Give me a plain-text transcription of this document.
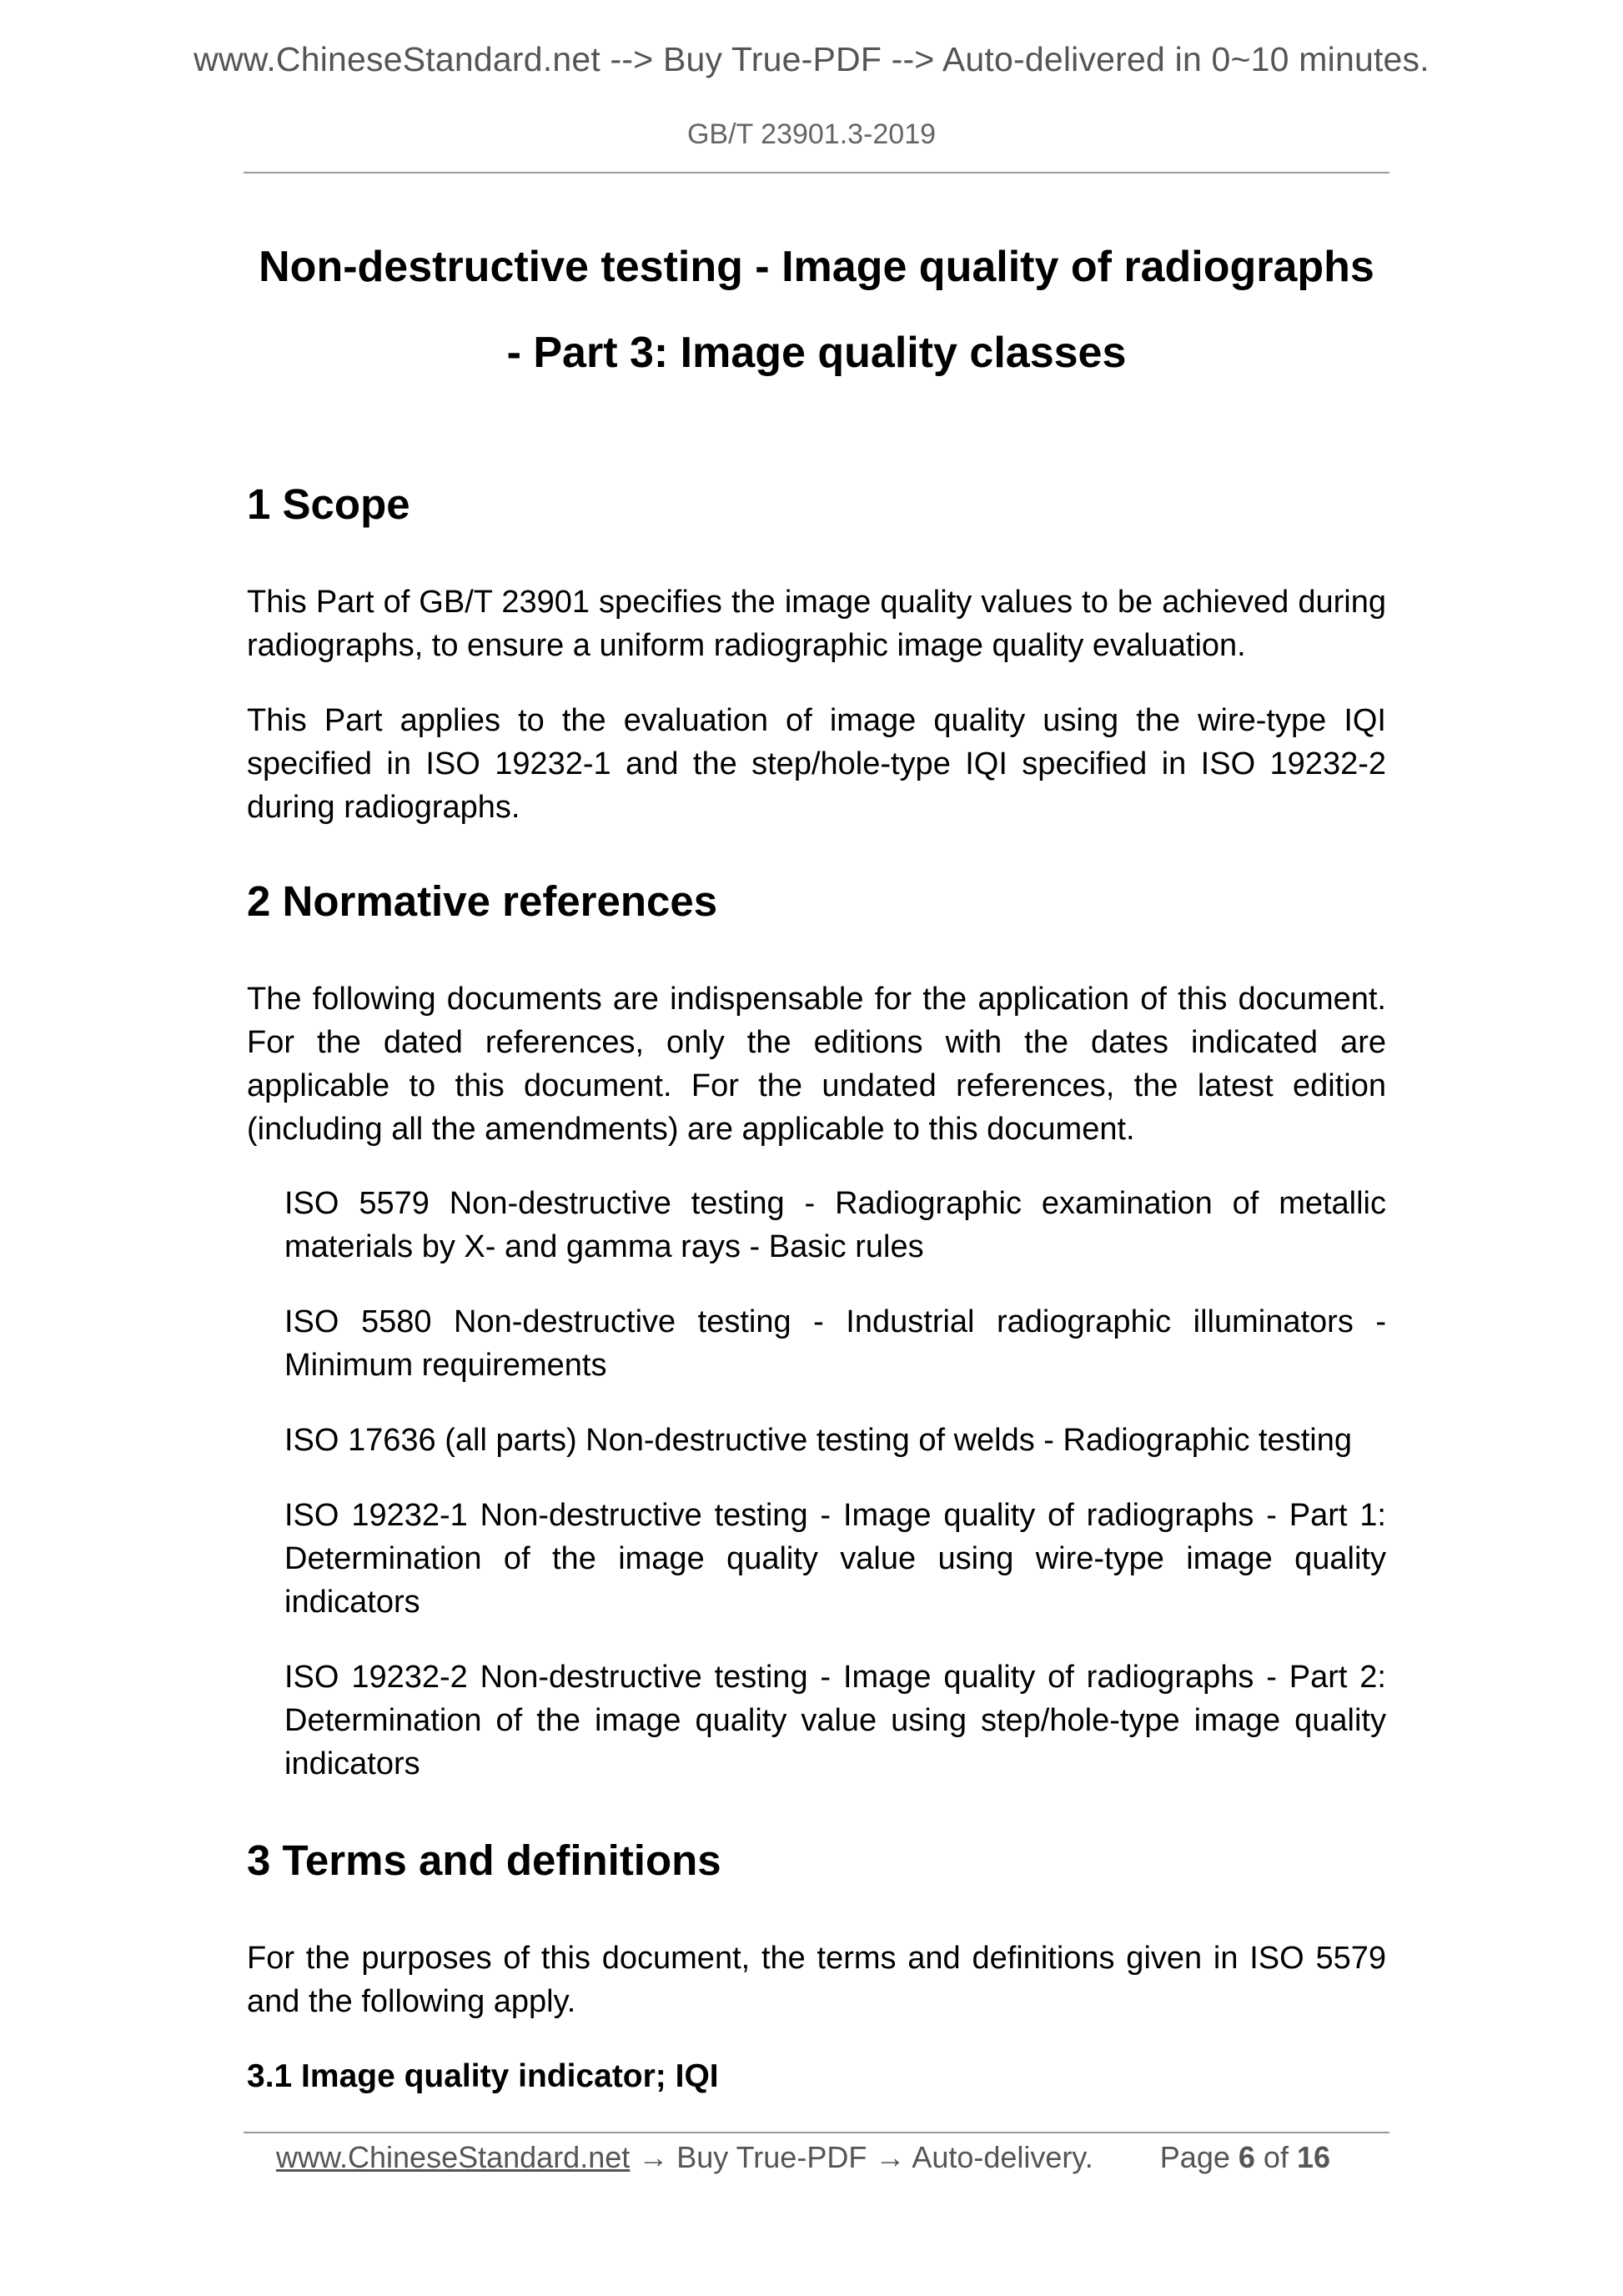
www.ChineseStandard.net --> Buy True-PDF --> Auto-delivered in 0~10 minutes.
GB/T 23901.3-2019
Non-destructive testing - Image quality of radiographs
- Part 3: Image quality classes
1 Scope

This Part of GB/T 23901 specifies the image quality values to be achieved during radiographs, to ensure a uniform radiographic image quality evaluation.

This Part applies to the evaluation of image quality using the wire-type IQI specified in ISO 19232-1 and the step/hole-type IQI specified in ISO 19232-2 during radiographs.

2 Normative references

The following documents are indispensable for the application of this document. For the dated references, only the editions with the dates indicated are applicable to this document. For the undated references, the latest edition (including all the amendments) are applicable to this document.

ISO 5579 Non-destructive testing - Radiographic examination of metallic materials by X- and gamma rays - Basic rules

ISO 5580 Non-destructive testing - Industrial radiographic illuminators - Minimum requirements

ISO 17636 (all parts) Non-destructive testing of welds - Radiographic testing

ISO 19232-1 Non-destructive testing - Image quality of radiographs - Part 1: Determination of the image quality value using wire-type image quality indicators

ISO 19232-2 Non-destructive testing - Image quality of radiographs - Part 2: Determination of the image quality value using step/hole-type image quality indicators

3 Terms and definitions

For the purposes of this document, the terms and definitions given in ISO 5579 and the following apply.

3.1 Image quality indicator; IQI
www.ChineseStandard.net → Buy True-PDF → Auto-delivery. Page 6 of 16
